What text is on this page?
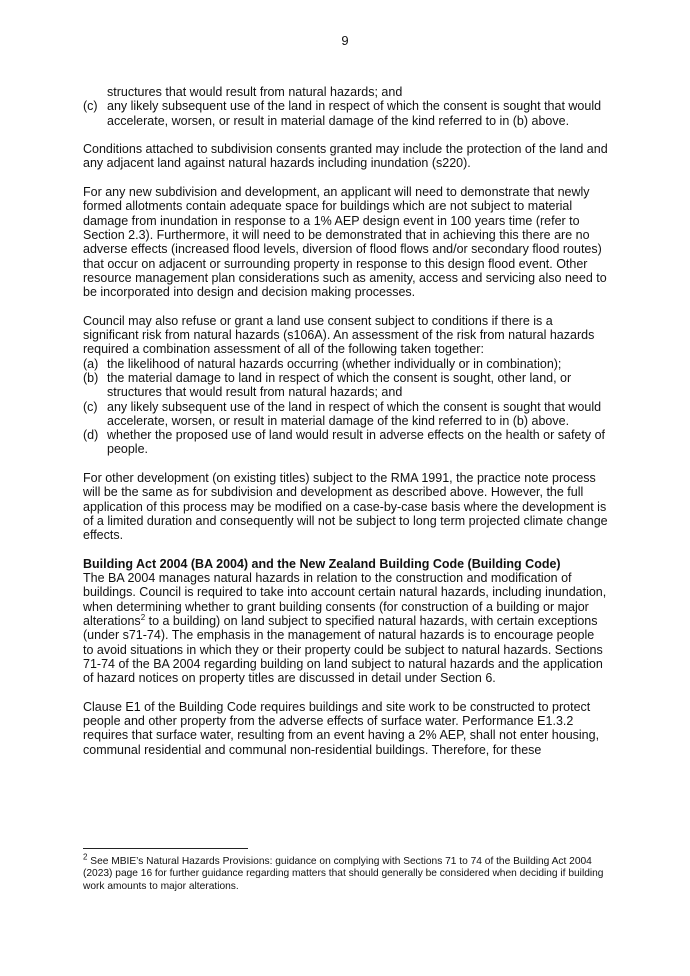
9

structures that would result from natural hazards; and

(c) any likely subsequent use of the land in respect of which the consent is sought that would accelerate, worsen, or result in material damage of the kind referred to in (b) above.

Conditions attached to subdivision consents granted may include the protection of the land and any adjacent land against natural hazards including inundation (s220).

For any new subdivision and development, an applicant will need to demonstrate that newly formed allotments contain adequate space for buildings which are not subject to material damage from inundation in response to a 1% AEP design event in 100 years time (refer to Section 2.3). Furthermore, it will need to be demonstrated that in achieving this there are no adverse effects (increased flood levels, diversion of flood flows and/or secondary flood routes) that occur on adjacent or surrounding property in response to this design flood event. Other resource management plan considerations such as amenity, access and servicing also need to be incorporated into design and decision making processes.

Council may also refuse or grant a land use consent subject to conditions if there is a significant risk from natural hazards (s106A). An assessment of the risk from natural hazards required a combination assessment of all of the following taken together:

(a) the likelihood of natural hazards occurring (whether individually or in combination);
(b) the material damage to land in respect of which the consent is sought, other land, or structures that would result from natural hazards; and
(c) any likely subsequent use of the land in respect of which the consent is sought that would accelerate, worsen, or result in material damage of the kind referred to in (b) above.
(d) whether the proposed use of land would result in adverse effects on the health or safety of people.

For other development (on existing titles) subject to the RMA 1991, the practice note process will be the same as for subdivision and development as described above. However, the full application of this process may be modified on a case-by-case basis where the development is of a limited duration and consequently will not be subject to long term projected climate change effects.

Building Act 2004 (BA 2004) and the New Zealand Building Code (Building Code)

The BA 2004 manages natural hazards in relation to the construction and modification of buildings. Council is required to take into account certain natural hazards, including inundation, when determining whether to grant building consents (for construction of a building or major alterations$^2$ to a building) on land subject to specified natural hazards, with certain exceptions (under s71-74). The emphasis in the management of natural hazards is to encourage people to avoid situations in which they or their property could be subject to natural hazards. Sections 71-74 of the BA 2004 regarding building on land subject to natural hazards and the application of hazard notices on property titles are discussed in detail under Section 6.

Clause E1 of the Building Code requires buildings and site work to be constructed to protect people and other property from the adverse effects of surface water. Performance E1.3.2 requires that surface water, resulting from an event having a 2% AEP, shall not enter housing, communal residential and communal non-residential buildings. Therefore, for these

$^2$ See MBIE’s Natural Hazards Provisions: guidance on complying with Sections 71 to 74 of the Building Act 2004 (2023) page 16 for further guidance regarding matters that should generally be considered when deciding if building work amounts to major alterations.
